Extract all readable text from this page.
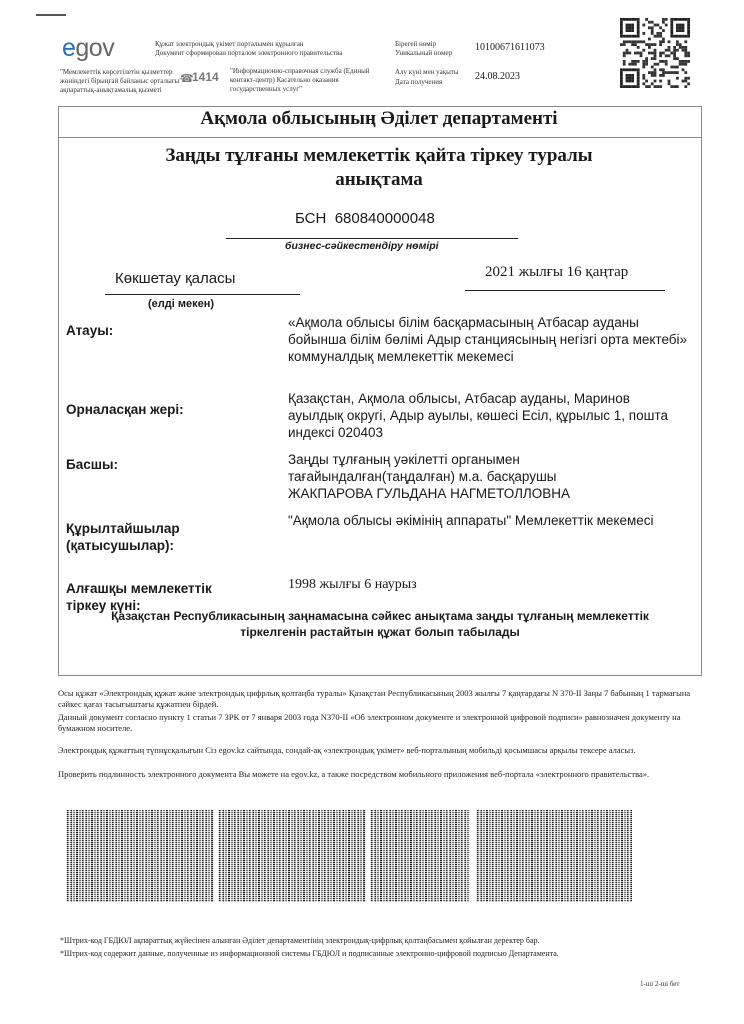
egov
"Мемлекеттік көрсетілетін қызметтер жөніндегі бірыңғай байланыс орталығы" ақпараттық-анықтамалық қызметі
☎
1414
Құжат электрондық үкімет порталымен құрылған
Документ сформирован порталом электронного правительства
"Информационно-справочная служба (Единый контакт-центр) Касательно оказания государственных услуг"
Бірегей нөмір
Уникальный номер 10100671611073
Алу күні мен уақыты
Дата получения	24.08.2023
Ақмола облысының Әділет департаменті
Заңды тұлғаны мемлекеттік қайта тіркеу туралы
анықтама
БСН 680840000048
бизнес-сәйкестендіру нөмірі
Көкшетау қаласы
(елді мекен)
2021 жылғы 16 қаңтар
Атауы:
«Ақмола облысы білім басқармасының Атбасар ауданы бойынша білім бөлімі Адыр станциясының негізгі орта мектебі» коммуналдық мемлекеттік мекемесі
Орналасқан жері:
Қазақстан, Ақмола облысы, Атбасар ауданы, Маринов ауылдық округі, Адыр ауылы, көшесі Есіл, құрылыс 1, пошта индексі 020403
Басшы:	Заңды тұлғаның уәкілетті органымен тағайындалған(таңдалған) м.а. басқарушы
ЖАКПАРОВА ГУЛЬДАНА НАГМЕТОЛЛОВНА
Құрылтайшылар (қатысушылар):
"Ақмола облысы әкімінің аппараты" Мемлекеттік мекемесі
Алғашқы мемлекеттік тіркеу күні:
1998 жылғы 6 наурыз
Қазақстан Республикасының заңнамасына сәйкес анықтама заңды тұлғаның мемлекеттік тіркелгенін растайтын құжат болып табылады
Осы құжат «Электрондық құжат және электрондық цифрлық қолтаңба туралы» Қазақстан Республикасының 2003 жылғы 7 қаңтардағы N 370-II Заңы 7 бабының 1 тармағына сәйкес қағаз тасығыштағы құжатпен бірдей.
Данный документ согласно пункту 1 статьи 7 ЗРК от 7 января 2003 года N370-II «Об электронном документе и электронной цифровой подписи» равнозначен документу на бумажном носителе.
Электрондық құжаттың түпнұсқалығын Сіз egov.kz сайтында, сондай-ақ «электрондық үкімет» веб-порталының мобильді қосымшасы арқылы тексере аласыз.
Проверить подлинность электронного документа Вы можете на egov.kz, а также посредством мобильного приложения веб-портала «электронного правительства».
*Штрих-код ГБДЮЛ ақпараттық жүйесінен алынған Әділет департаментінің электрондық-цифрлық қолтаңбасымен қойылған деректер бар.
*Штрих-код содержит данные, полученные из информационной системы ГБДЮЛ и подписанные электронно-цифровой подписью Департамента.
1-ші 2-ші бет
